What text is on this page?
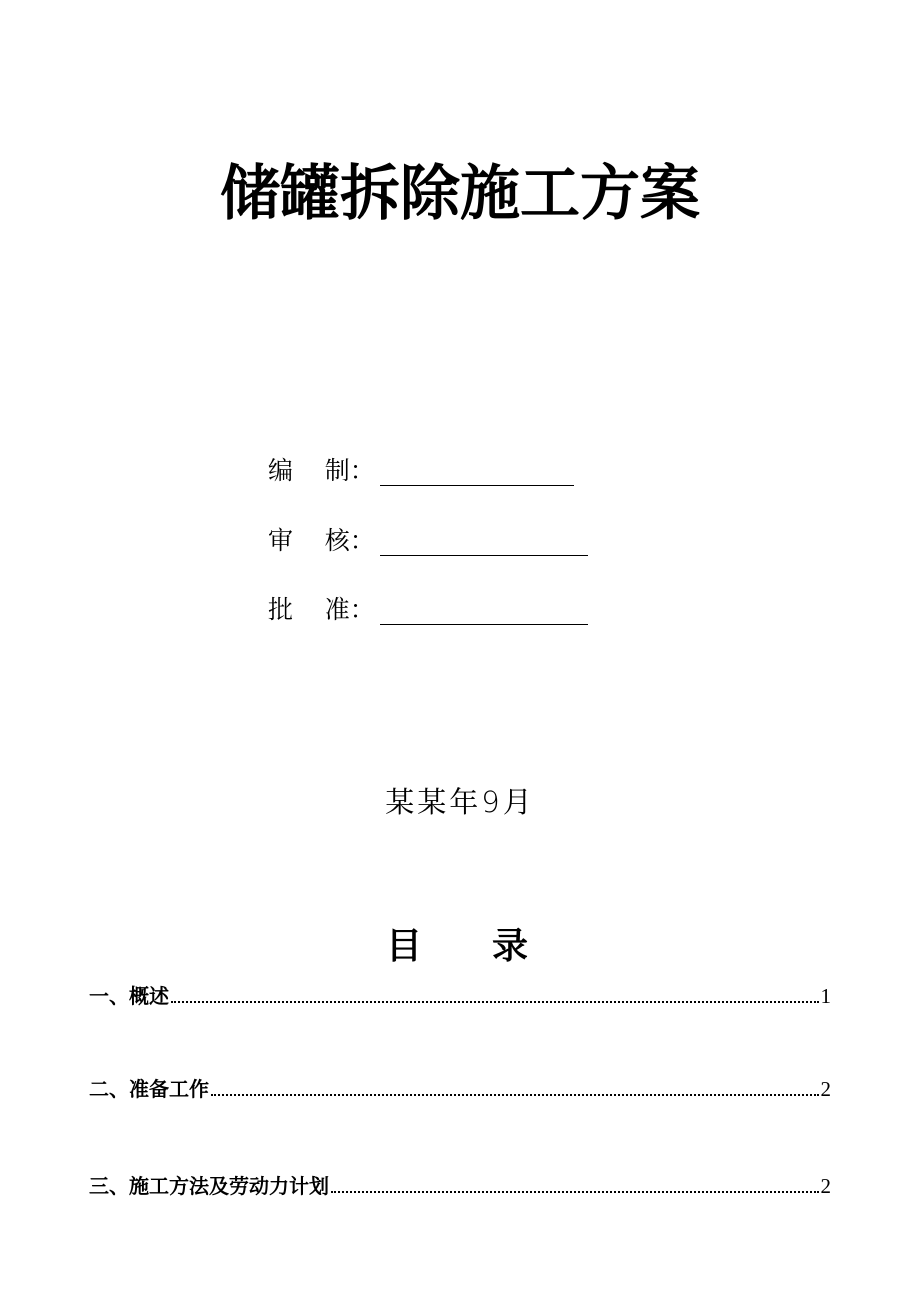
储罐拆除施工方案
编    制：
审    核：
批    准：
某某年9月
目 录
一、概述	1
二、准备工作	2
三、施工方法及劳动力计划	2
